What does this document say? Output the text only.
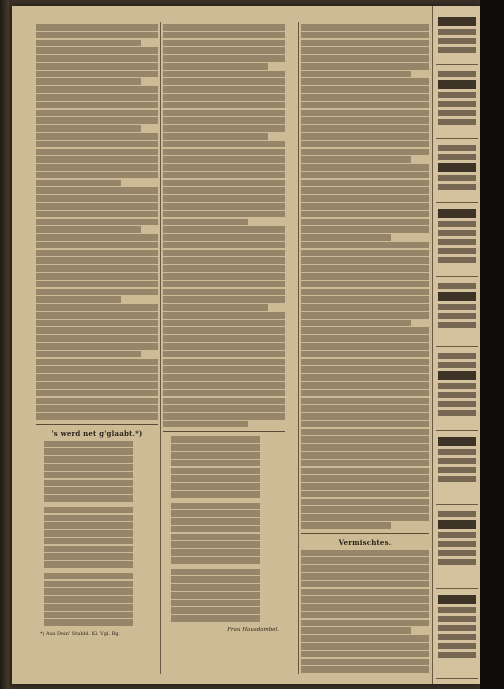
's werd net g'glaabt.*)
*) Aus Dein' Stubbl. Kl. Vgl. Bg.
Frau Hausdambel.
Vermischtes.
